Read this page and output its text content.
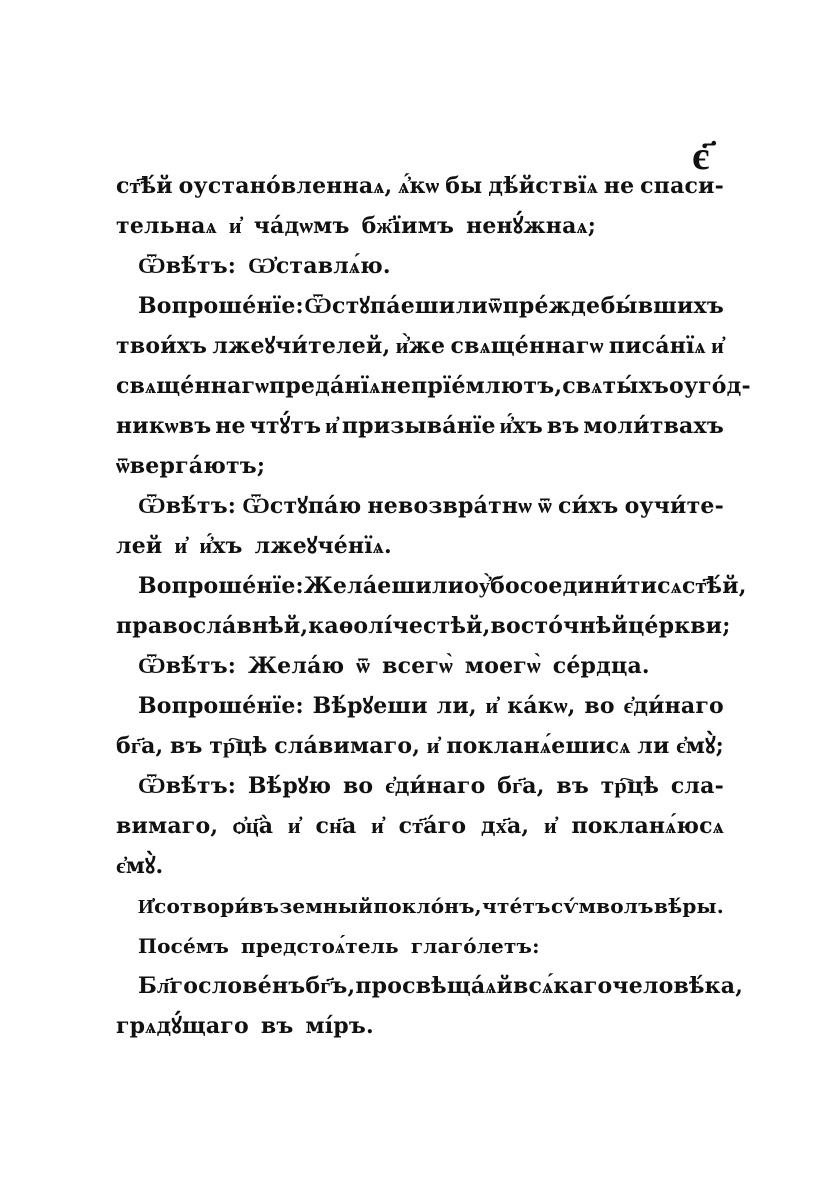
є҃
ст҃ѣ́й оустано́вленнаѧ, ѧ҆́кѡ бы дѣ́йствїѧ не спаси-
тельнаѧ и҆ ча́дѡмъ бж҃їимъ ненꙋ́жнаѧ;
Ѿвѣ́тъ: Ѡ҆ставлѧ́ю.
Вопроше́нїе: Ѿстꙋпа́еши ли ѿ пре́жде бы́вшихъ
твои́хъ лжеꙋчи́телей, и҆̀же свѧще́ннагѡ писа́нїѧ и҆
свѧще́ннагѡ преда́нїѧ не прїе́млютъ, свѧты́хъ оуго́д-
никѡвъ не чтꙋ́тъ и҆ призыва́нїе и҆́хъ въ моли́твахъ
ѿверга́ютъ;
Ѿвѣ́тъ: Ѿстꙋпа́ю невозвра́тнѡ ѿ си́хъ оучи́те-
лей и҆ и҆́хъ лжеꙋче́нїѧ.
Вопроше́нїе: Жела́еши ли оу҆̀бо соедини́тисѧ ст҃ѣ́й,
правосла́внѣй, каѳолі́честѣй, восто́чнѣй це́ркви;
Ѿвѣ́тъ: Жела́ю ѿ всегѡ̀ моегѡ̀ се́рдца.
Вопроше́нїе: Вѣ́рꙋеши ли, и҆ ка́кѡ, во є҆ди́наго
бг҃а, въ тр҇цѣ сла́вимаго, и҆ покланѧ́ешисѧ ли є҆мꙋ̀;
Ѿвѣ́тъ: Вѣ́рꙋю во є҆ди́наго бг҃а, въ тр҇цѣ сла-
вимаго, ѻ҆ц҃а̀ и҆ сн҃а и҆ ст҃а́го дх҃а, и҆ покланѧ́юсѧ
є҆мꙋ̀.
И҆ сотвори́въ земный покло́нъ, чте́тъ сѵ́мволъ вѣ́ры.
Посе́мъ предстоѧ́тель глаго́летъ:
Бл҃гослове́нъ бг҃ъ, просвѣща́ѧй всѧ́каго человѣ́ка,
грѧдꙋ́щаго въ мі́ръ.
